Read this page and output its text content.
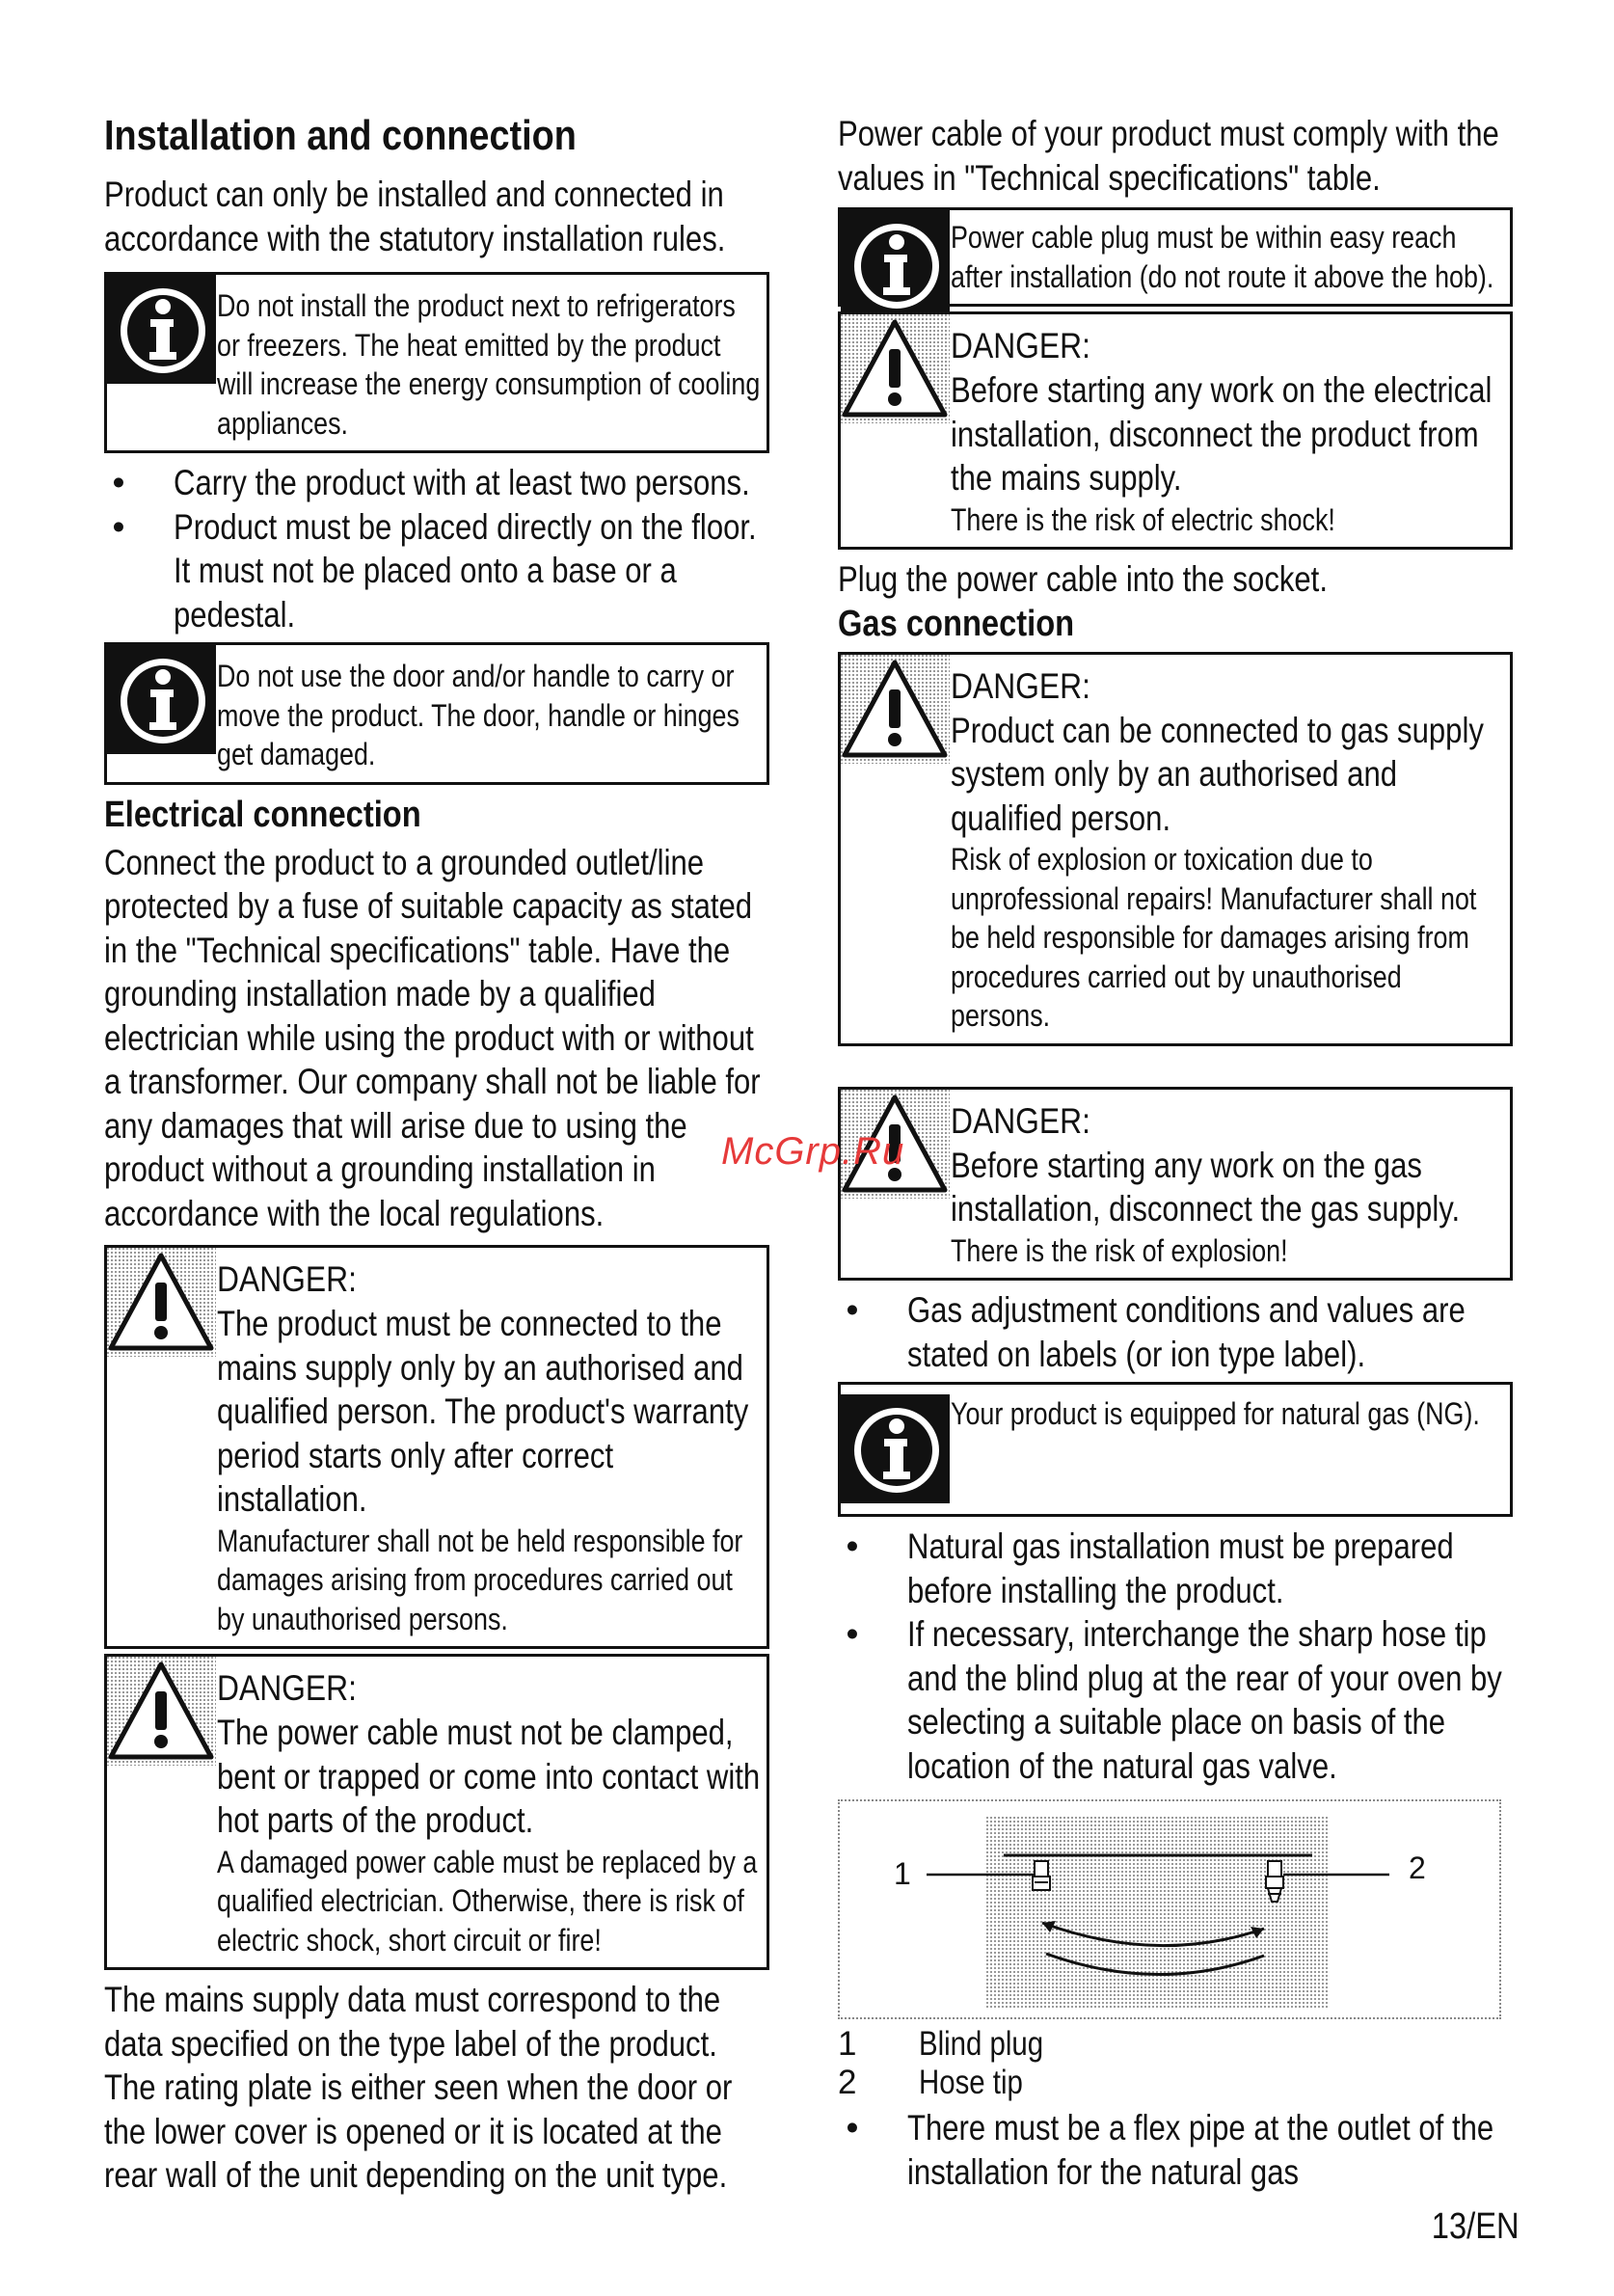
Installation and connection

Product can only be installed and connected in accordance with the statutory installation rules.

Do not install the product next to refrigerators or freezers. The heat emitted by the product will increase the energy consumption of cooling appliances.

• Carry the product with at least two persons.
• Product must be placed directly on the floor. It must not be placed onto a base or a pedestal.

Do not use the door and/or handle to carry or move the product. The door, handle or hinges get damaged.

Electrical connection

Connect the product to a grounded outlet/line protected by a fuse of suitable capacity as stated in the "Technical specifications" table. Have the grounding installation made by a qualified electrician while using the product with or without a transformer. Our company shall not be liable for any damages that will arise due to using the product without a grounding installation in accordance with the local regulations.

DANGER:

The product must be connected to the mains supply only by an authorised and qualified person. The product's warranty period starts only after correct installation.

Manufacturer shall not be held responsible for damages arising from procedures carried out by unauthorised persons.

DANGER:

The power cable must not be clamped, bent or trapped or come into contact with hot parts of the product.

A damaged power cable must be replaced by a qualified electrician. Otherwise, there is risk of electric shock, short circuit or fire!

The mains supply data must correspond to the data specified on the type label of the product. The rating plate is either seen when the door or the lower cover is opened or it is located at the rear wall of the unit depending on the unit type.

Power cable of your product must comply with the values in "Technical specifications" table.

Power cable plug must be within easy reach after installation (do not route it above the hob).

DANGER:

Before starting any work on the electrical installation, disconnect the product from the mains supply.

There is the risk of electric shock!

Plug the power cable into the socket.

Gas connection
DANGER:

Product can be connected to gas supply system only by an authorised and qualified person.

Risk of explosion or toxication due to unprofessional repairs! Manufacturer shall not be held responsible for damages arising from procedures carried out by unauthorised persons.

DANGER:

Before starting any work on the gas installation, disconnect the gas supply.

There is the risk of explosion!

• Gas adjustment conditions and values are stated on labels (or ion type label).

Your product is equipped for natural gas (NG).

• Natural gas installation must be prepared before installing the product.
• If necessary, interchange the sharp hose tip and the blind plug at the rear of your oven by selecting a suitable place on basis of the location of the natural gas valve.
1	2
1	Blind plug
2	Hose tip
• There must be a flex pipe at the outlet of the installation for the natural gas
McGrp.Ru
13/EN
